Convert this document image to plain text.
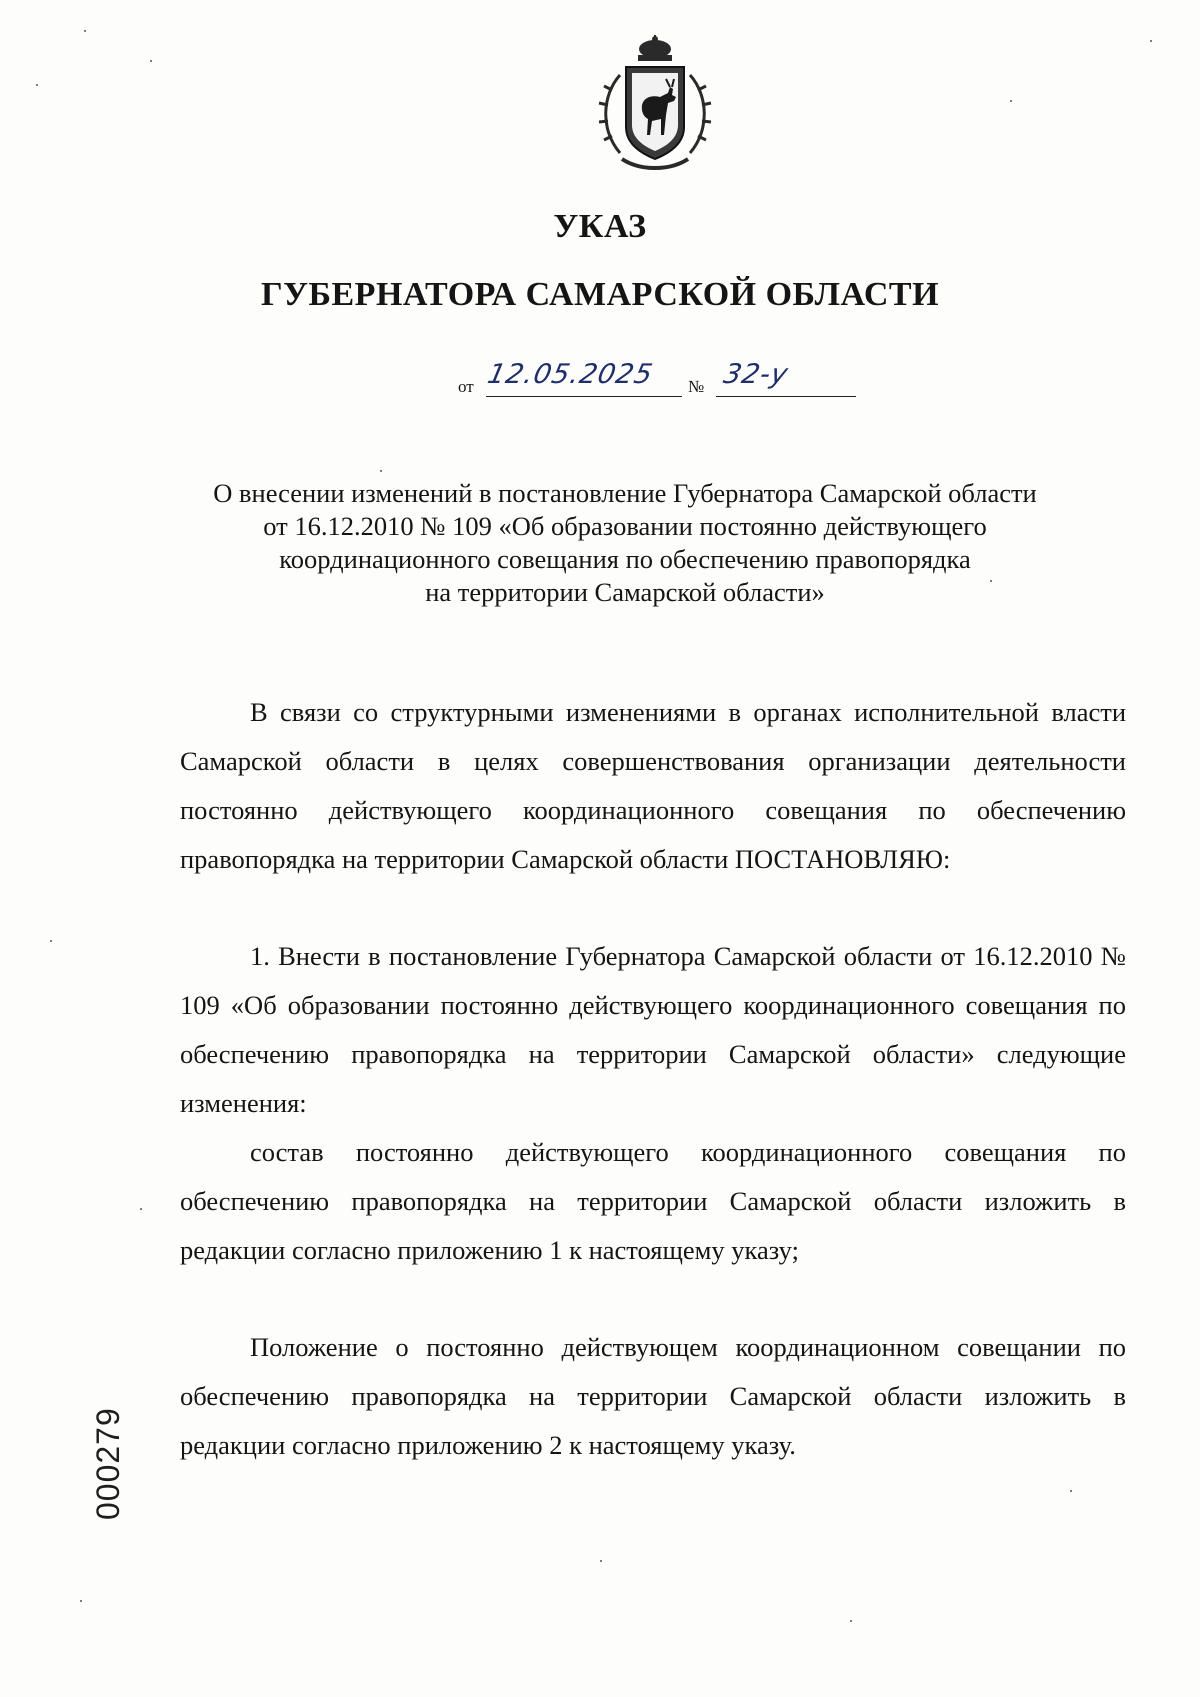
УКАЗ
ГУБЕРНАТОРА САМАРСКОЙ ОБЛАСТИ
от 12.05.2025 № 32-у
О внесении изменений в постановление Губернатора Самарской области
от 16.12.2010 № 109 «Об образовании постоянно действующего
координационного совещания по обеспечению правопорядка
на территории Самарской области»

В связи со структурными изменениями в органах исполнительной власти Самарской области в целях совершенствования организации деятельности постоянно действующего координационного совещания по обеспечению правопорядка на территории Самарской области ПОСТАНОВЛЯЮ:

1. Внести в постановление Губернатора Самарской области от 16.12.2010 № 109 «Об образовании постоянно действующего координационного совещания по обеспечению правопорядка на территории Самарской области» следующие изменения:

состав постоянно действующего координационного совещания по обеспечению правопорядка на территории Самарской области изложить в редакции согласно приложению 1 к настоящему указу;

Положение о постоянно действующем координационном совещании по обеспечению правопорядка на территории Самарской области изложить в редакции согласно приложению 2 к настоящему указу.

000279
